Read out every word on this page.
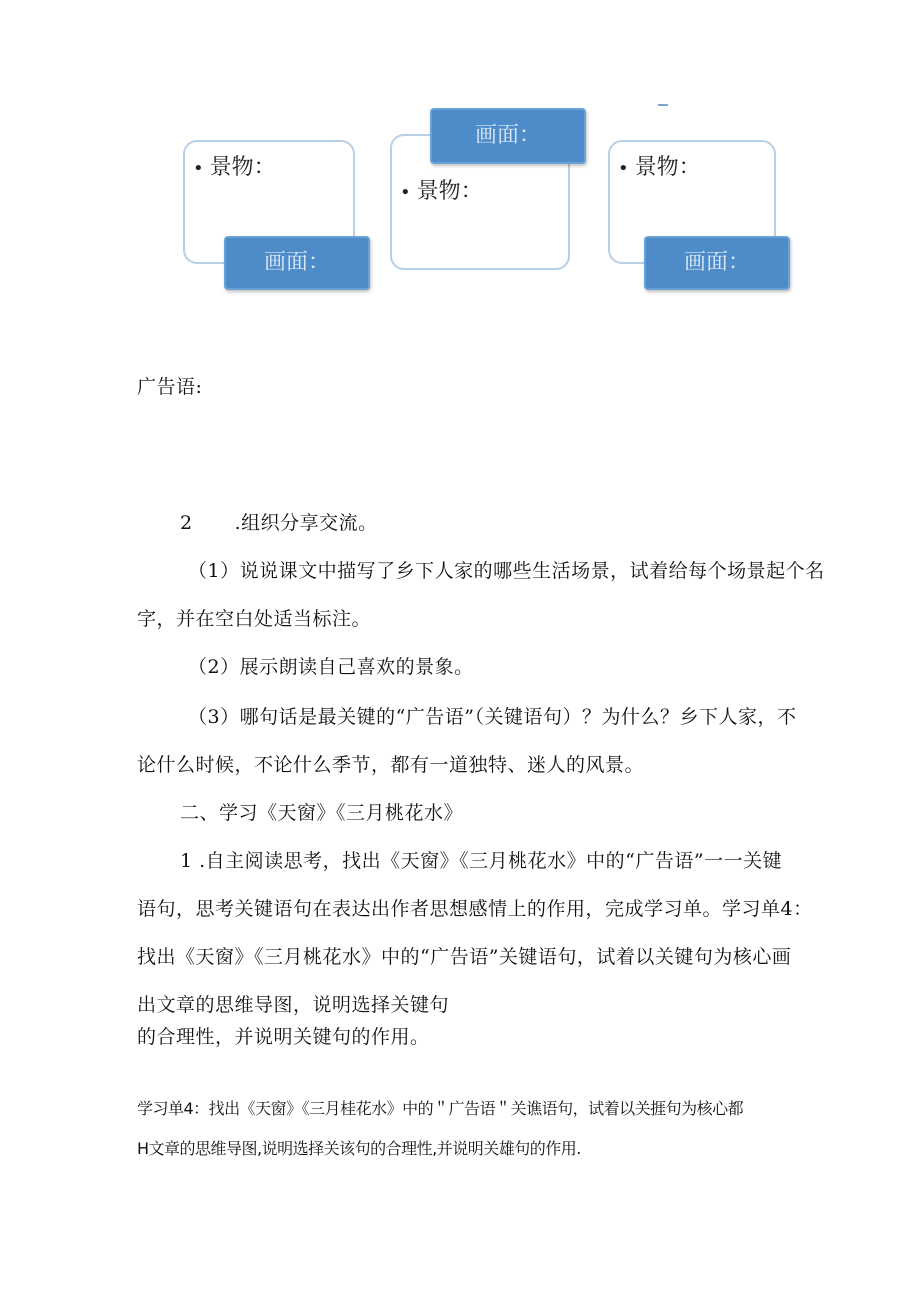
• 景物：
画面：
• 景物：
画面：
• 景物：
画面：
广告语:
2 .组织分享交流。
（1）说说课文中描写了乡下人家的哪些生活场景，试着给每个场景起个名
字，并在空白处适当标注。
（2）展示朗读自己喜欢的景象。
（3）哪句话是最关键的“广告语”（关键语句）？为什么？乡下人家，不
论什么时候，不论什么季节，都有一道独特、迷人的风景。
二、学习《天窗》《三月桃花水》
1 .自主阅读思考，找出《天窗》《三月桃花水》中的“广告语”一一关键
语句，思考关键语句在表达出作者思想感情上的作用，完成学习单。学习单4：
找出《天窗》《三月桃花水》中的“广告语”关键语句，试着以关键句为核心画
出文章的思维导图，说明选择关键句
的合理性，并说明关键句的作用。
学习单4：找出《天窗》《三月桂花水》中的＂广告语＂关谯语句，试着以关捱句为核心都
H文章的思维导图,说明选择关该句的合理性,并说明关雄句的作用.
